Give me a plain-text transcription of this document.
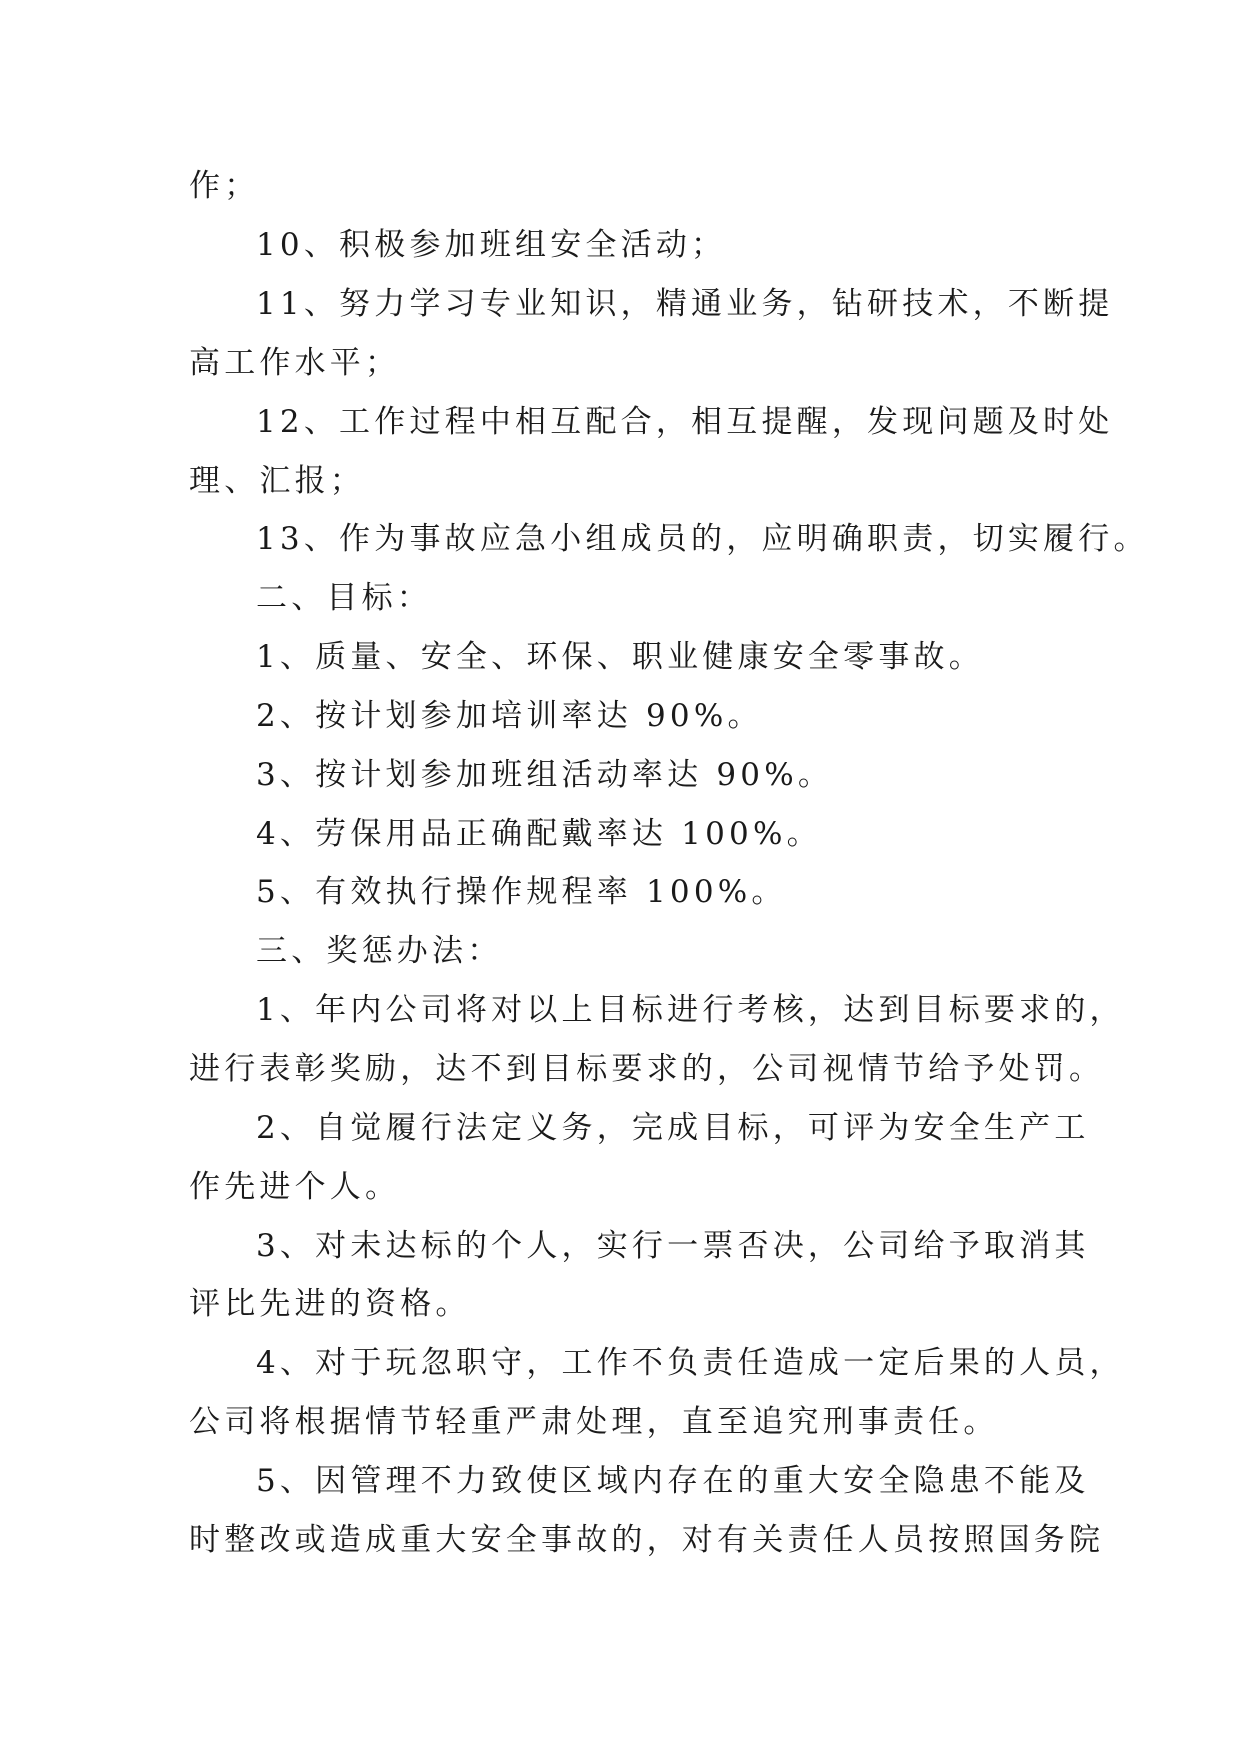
作；
10、积极参加班组安全活动；
11、努力学习专业知识，精通业务，钻研技术，不断提
高工作水平；
12、工作过程中相互配合，相互提醒，发现问题及时处
理、汇报；
13、作为事故应急小组成员的，应明确职责，切实履行。
二、目标：
1、质量、安全、环保、职业健康安全零事故。
2、按计划参加培训率达 90%。
3、按计划参加班组活动率达 90%。
4、劳保用品正确配戴率达 100%。
5、有效执行操作规程率 100%。
三、奖惩办法：
1、年内公司将对以上目标进行考核，达到目标要求的，
进行表彰奖励，达不到目标要求的，公司视情节给予处罚。
2、自觉履行法定义务，完成目标，可评为安全生产工
作先进个人。
3、对未达标的个人，实行一票否决，公司给予取消其
评比先进的资格。
4、对于玩忽职守，工作不负责任造成一定后果的人员，
公司将根据情节轻重严肃处理，直至追究刑事责任。
5、因管理不力致使区域内存在的重大安全隐患不能及
时整改或造成重大安全事故的，对有关责任人员按照国务院
